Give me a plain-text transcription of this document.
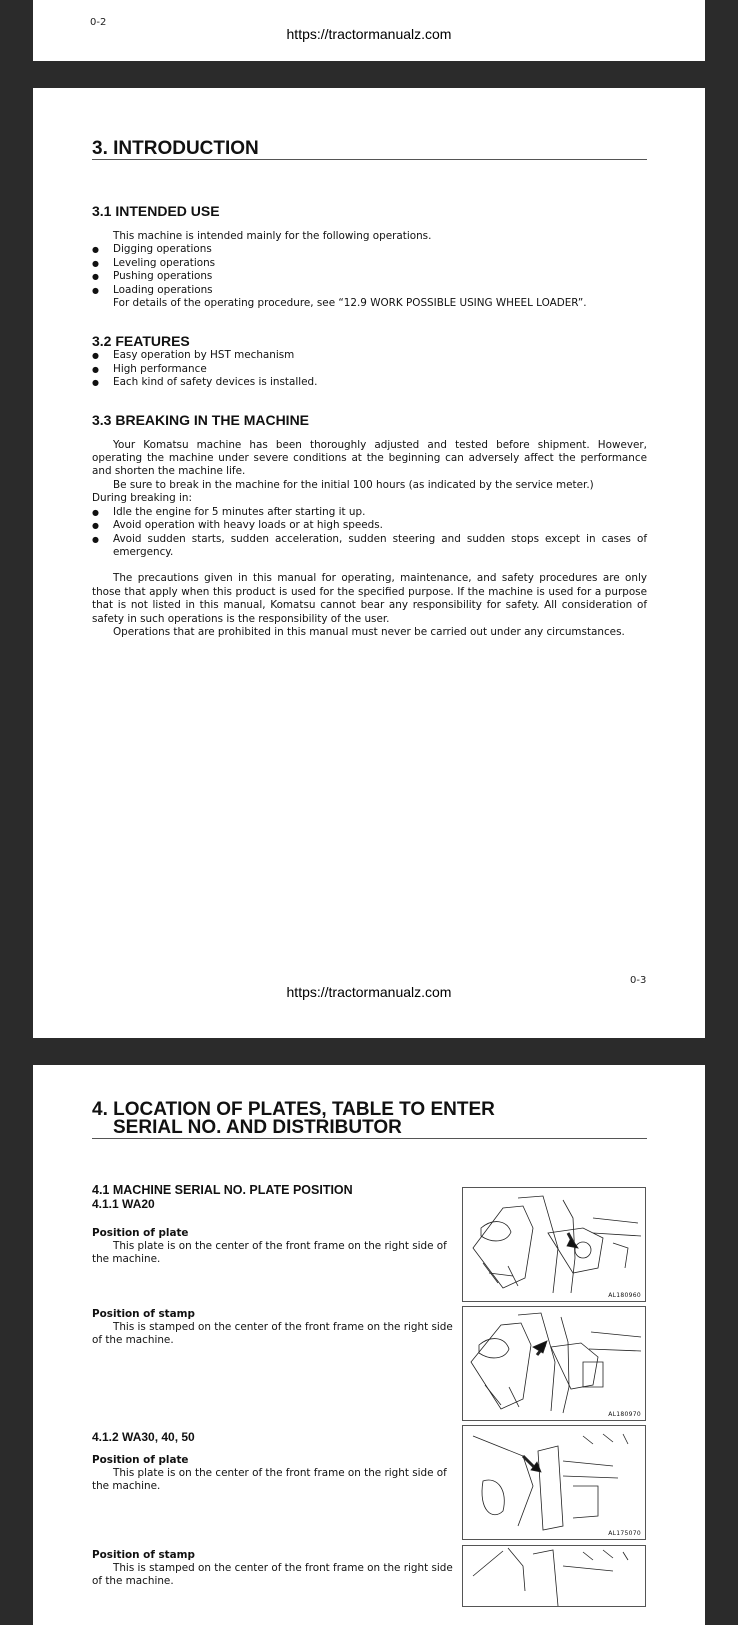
0-2
https://tractormanualz.com
3. INTRODUCTION
3.1 INTENDED USE
This machine is intended mainly for the following operations.
● Digging operations
● Leveling operations
● Pushing operations
● Loading operations
For details of the operating procedure, see “12.9 WORK POSSIBLE USING WHEEL LOADER”.
3.2 FEATURES
● Easy operation by HST mechanism
● High performance
● Each kind of safety devices is installed.
3.3 BREAKING IN THE MACHINE
Your Komatsu machine has been thoroughly adjusted and tested before shipment. However, operating the machine under severe conditions at the beginning can adversely affect the performance and shorten the machine life.
Be sure to break in the machine for the initial 100 hours (as indicated by the service meter.)
During breaking in:
● Idle the engine for 5 minutes after starting it up.
● Avoid operation with heavy loads or at high speeds.
● Avoid sudden starts, sudden acceleration, sudden steering and sudden stops except in cases of emergency.
The precautions given in this manual for operating, maintenance, and safety procedures are only those that apply when this product is used for the specified purpose. If the machine is used for a purpose that is not listed in this manual, Komatsu cannot bear any responsibility for safety. All consideration of safety in such operations is the responsibility of the user.
Operations that are prohibited in this manual must never be carried out under any circumstances.
0-3
https://tractormanualz.com
4. LOCATION OF PLATES, TABLE TO ENTER
SERIAL NO. AND DISTRIBUTOR
4.1 MACHINE SERIAL NO. PLATE POSITION
4.1.1 WA20
Position of plate
This plate is on the center of the front frame on the right side of the machine.
Position of stamp
This is stamped on the center of the front frame on the right side of the machine.
4.1.2 WA30, 40, 50
Position of plate
This plate is on the center of the front frame on the right side of the machine.
Position of stamp
This is stamped on the center of the front frame on the right side of the machine.
AL180960
AL180970
AL175070
